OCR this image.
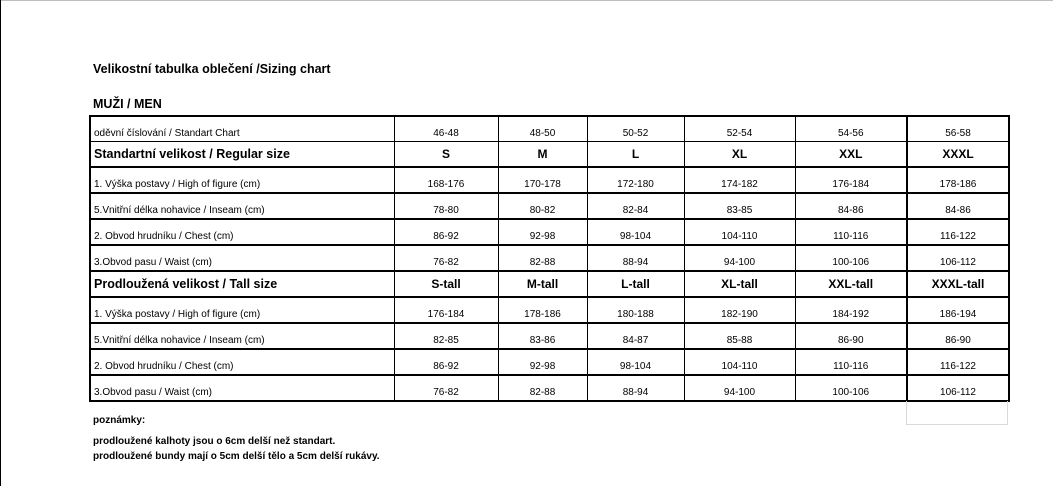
Velikostní tabulka oblečení /Sizing chart
MUŽI / MEN
oděvní číslování / Standart Chart	46-48	48-50	50-52	52-54	54-56	56-58
Standartní velikost / Regular size	S	M	L	XL	XXL	XXXL
1. Výška postavy / High of figure (cm)	168-176	170-178	172-180	174-182	176-184	178-186
5.Vnitřní délka nohavice / Inseam (cm)	78-80	80-82	82-84	83-85	84-86	84-86
2. Obvod hrudníku / Chest (cm)	86-92	92-98	98-104	104-110	110-116	116-122
3.Obvod pasu / Waist (cm)	76-82	82-88	88-94	94-100	100-106	106-112
Prodloužená velikost / Tall size	S-tall	M-tall	L-tall	XL-tall	XXL-tall	XXXL-tall
1. Výška postavy / High of figure (cm)	176-184	178-186	180-188	182-190	184-192	186-194
5.Vnitřní délka nohavice / Inseam (cm)	82-85	83-86	84-87	85-88	86-90	86-90
2. Obvod hrudníku / Chest (cm)	86-92	92-98	98-104	104-110	110-116	116-122
3.Obvod pasu / Waist (cm)	76-82	82-88	88-94	94-100	100-106	106-112
poznámky:
prodloužené kalhoty jsou o 6cm delší než standart.
prodloužené bundy mají o 5cm delší tělo a 5cm delší rukávy.
